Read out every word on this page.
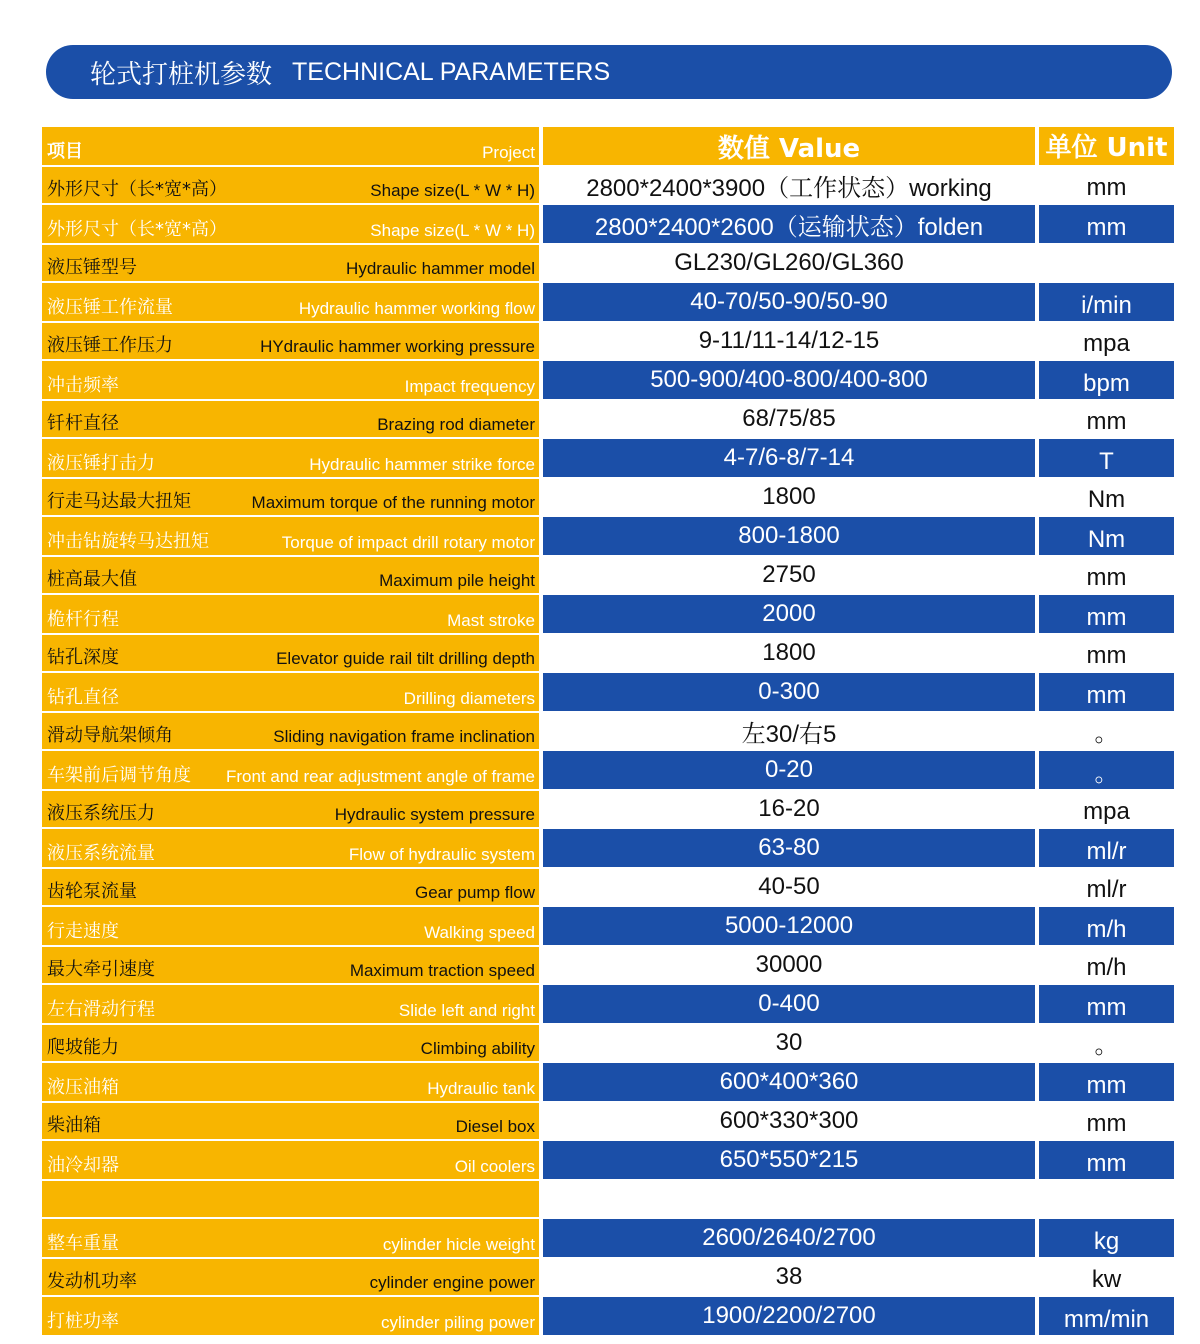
轮式打桩机参数 TECHNICAL PARAMETERS
项目	Project	数值 Value	单位 Unit
外形尺寸（长*宽*高）	Shape size(L * W * H)	2800*2400*3900（工作状态）working	mm
外形尺寸（长*宽*高）	Shape size(L * W * H)	2800*2400*2600（运输状态）folden	mm
液压锤型号	Hydraulic hammer model	GL230/GL260/GL360
液压锤工作流量	Hydraulic hammer working flow	40-70/50-90/50-90	i/min
液压锤工作压力	HYdraulic hammer working pressure	9-11/11-14/12-15	mpa
冲击频率	Impact frequency	500-900/400-800/400-800	bpm
钎杆直径	Brazing rod diameter	68/75/85	mm
液压锤打击力	Hydraulic hammer strike force	4-7/6-8/7-14	T
行走马达最大扭矩	Maximum torque of the running motor	1800	Nm
冲击钻旋转马达扭矩	Torque of impact drill rotary motor	800-1800	Nm
桩高最大值	Maximum pile height	2750	mm
桅杆行程	Mast stroke	2000	mm
钻孔深度	Elevator guide rail tilt drilling depth	1800	mm
钻孔直径	Drilling diameters	0-300	mm
滑动导航架倾角	Sliding navigation frame inclination	左30/右5	。
车架前后调节角度 Front and rear adjustment angle of frame	0-20	。
液压系统压力	Hydraulic system pressure	16-20	mpa
液压系统流量	Flow of hydraulic system	63-80	ml/r
齿轮泵流量	Gear pump flow	40-50	ml/r
行走速度	Walking speed	5000-12000	m/h
最大牵引速度	Maximum traction speed	30000	m/h
左右滑动行程	Slide left and right	0-400	mm
爬坡能力	Climbing ability	30	。
液压油箱	Hydraulic tank	600*400*360	mm
柴油箱	Diesel box	600*330*300	mm
油冷却器	Oil coolers	650*550*215	mm
整车重量	cylinder hicle weight	2600/2640/2700	kg
发动机功率	cylinder engine power	38	kw
打桩功率	cylinder piling power	1900/2200/2700	mm/min
